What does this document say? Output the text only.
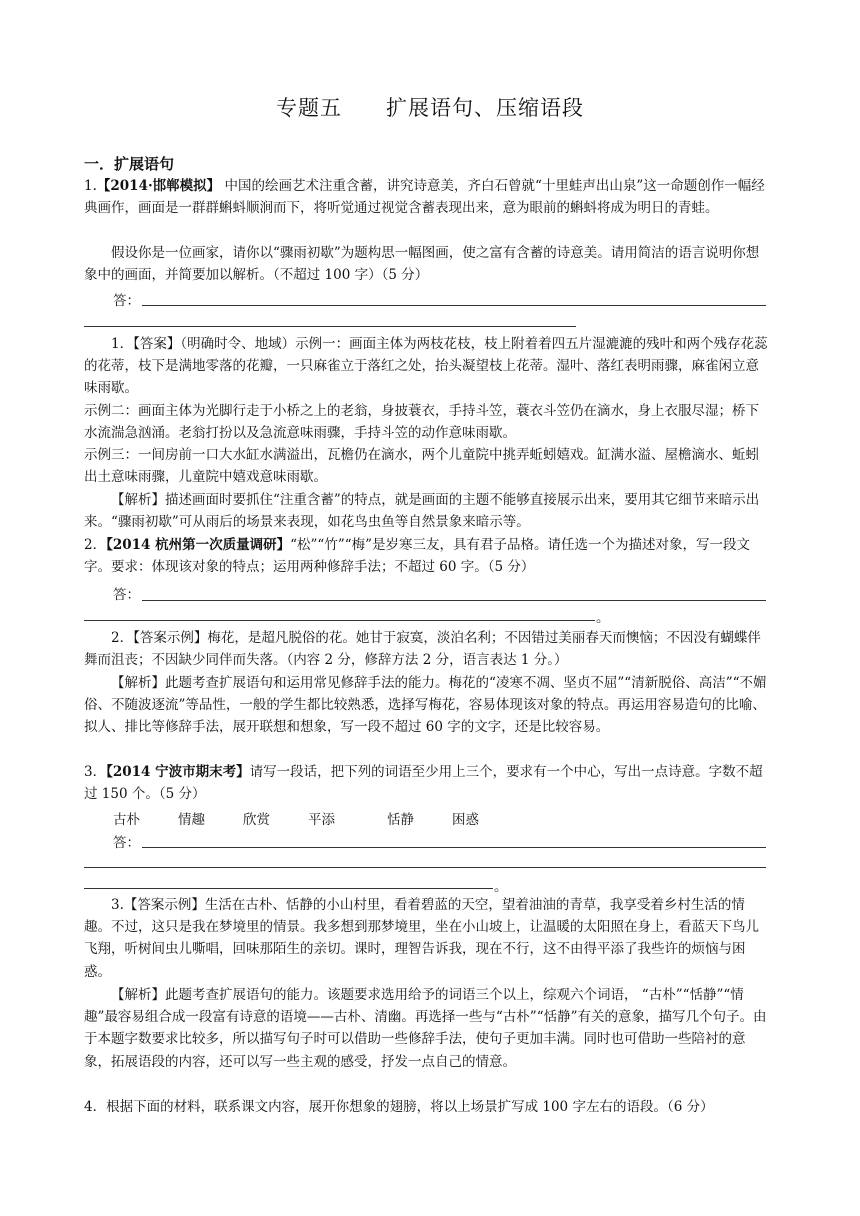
专题五 扩展语句、压缩语段
一．扩展语句

1.【2014·邯郸模拟】 中国的绘画艺术注重含蓄，讲究诗意美，齐白石曾就“十里蛙声出山泉”这一命题创作一幅经典画作，画面是一群群蝌蚪顺涧而下，将听觉通过视觉含蓄表现出来，意为眼前的蝌蚪将成为明日的青蛙。

假设你是一位画家，请你以“骤雨初歇”为题构思一幅图画，使之富有含蓄的诗意美。请用简洁的语言说明你想象中的画面，并简要加以解析。（不超过 100 字）（5 分）

答：

1．【答案】（明确时令、地域）示例一：画面主体为两枝花枝，枝上附着着四五片湿漉漉的残叶和两个残存花蕊的花蒂，枝下是满地零落的花瓣，一只麻雀立于落红之处，抬头凝望枝上花蒂。湿叶、落红表明雨骤，麻雀闲立意味雨歇。

示例二：画面主体为光脚行走于小桥之上的老翁，身披蓑衣，手持斗笠，蓑衣斗笠仍在滴水，身上衣服尽湿；桥下水流湍急汹涌。老翁打扮以及急流意味雨骤，手持斗笠的动作意味雨歇。

示例三：一间房前一口大水缸水满溢出，瓦檐仍在滴水，两个儿童院中挑弄蚯蚓嬉戏。缸满水溢、屋檐滴水、蚯蚓出土意味雨骤，儿童院中嬉戏意味雨歇。

【解析】描述画面时要抓住“注重含蓄”的特点，就是画面的主题不能够直接展示出来，要用其它细节来暗示出来。“骤雨初歇”可从雨后的场景来表现，如花鸟虫鱼等自然景象来暗示等。

2．【2014 杭州第一次质量调研】“松”“竹”“梅”是岁寒三友，具有君子品格。请任选一个为描述对象，写一段文字。要求：体现该对象的特点；运用两种修辞手法；不超过 60 字。（5 分）

答：
。

2．【答案示例】梅花，是超凡脱俗的花。她甘于寂寞，淡泊名利；不因错过美丽春天而懊恼；不因没有蝴蝶伴舞而沮丧；不因缺少同伴而失落。（内容 2 分，修辞方法 2 分，语言表达 1 分。）

【解析】此题考查扩展语句和运用常见修辞手法的能力。梅花的“凌寒不凋、坚贞不屈”“清新脱俗、高洁”“不媚俗、不随波逐流”等品性，一般的学生都比较熟悉，选择写梅花，容易体现该对象的特点。再运用容易造句的比喻、拟人、排比等修辞手法，展开联想和想象，写一段不超过 60 字的文字，还是比较容易。

3．【2014 宁波市期末考】请写一段话，把下列的词语至少用上三个，要求有一个中心，写出一点诗意。字数不超过 150 个。（5 分）

古朴	情趣	欣赏	平添	恬静	困惑
答：
。

3.【答案示例】生活在古朴、恬静的小山村里，看着碧蓝的天空，望着油油的青草，我享受着乡村生活的情趣。不过，这只是我在梦境里的情景。我多想到那梦境里，坐在小山坡上，让温暖的太阳照在身上，看蓝天下鸟儿飞翔，听树间虫儿嘶唱，回味那陌生的亲切。课时，理智告诉我，现在不行，这不由得平添了我些许的烦恼与困惑。

【解析】此题考查扩展语句的能力。该题要求选用给予的词语三个以上，综观六个词语， “古朴”“恬静”“情趣”最容易组合成一段富有诗意的语境——古朴、清幽。再选择一些与“古朴”“恬静”有关的意象，描写几个句子。由于本题字数要求比较多，所以描写句子时可以借助一些修辞手法，使句子更加丰满。同时也可借助一些陪衬的意象，拓展语段的内容，还可以写一些主观的感受，抒发一点自己的情意。

4．根据下面的材料，联系课文内容，展开你想象的翅膀，将以上场景扩写成 100 字左右的语段。（6 分）
